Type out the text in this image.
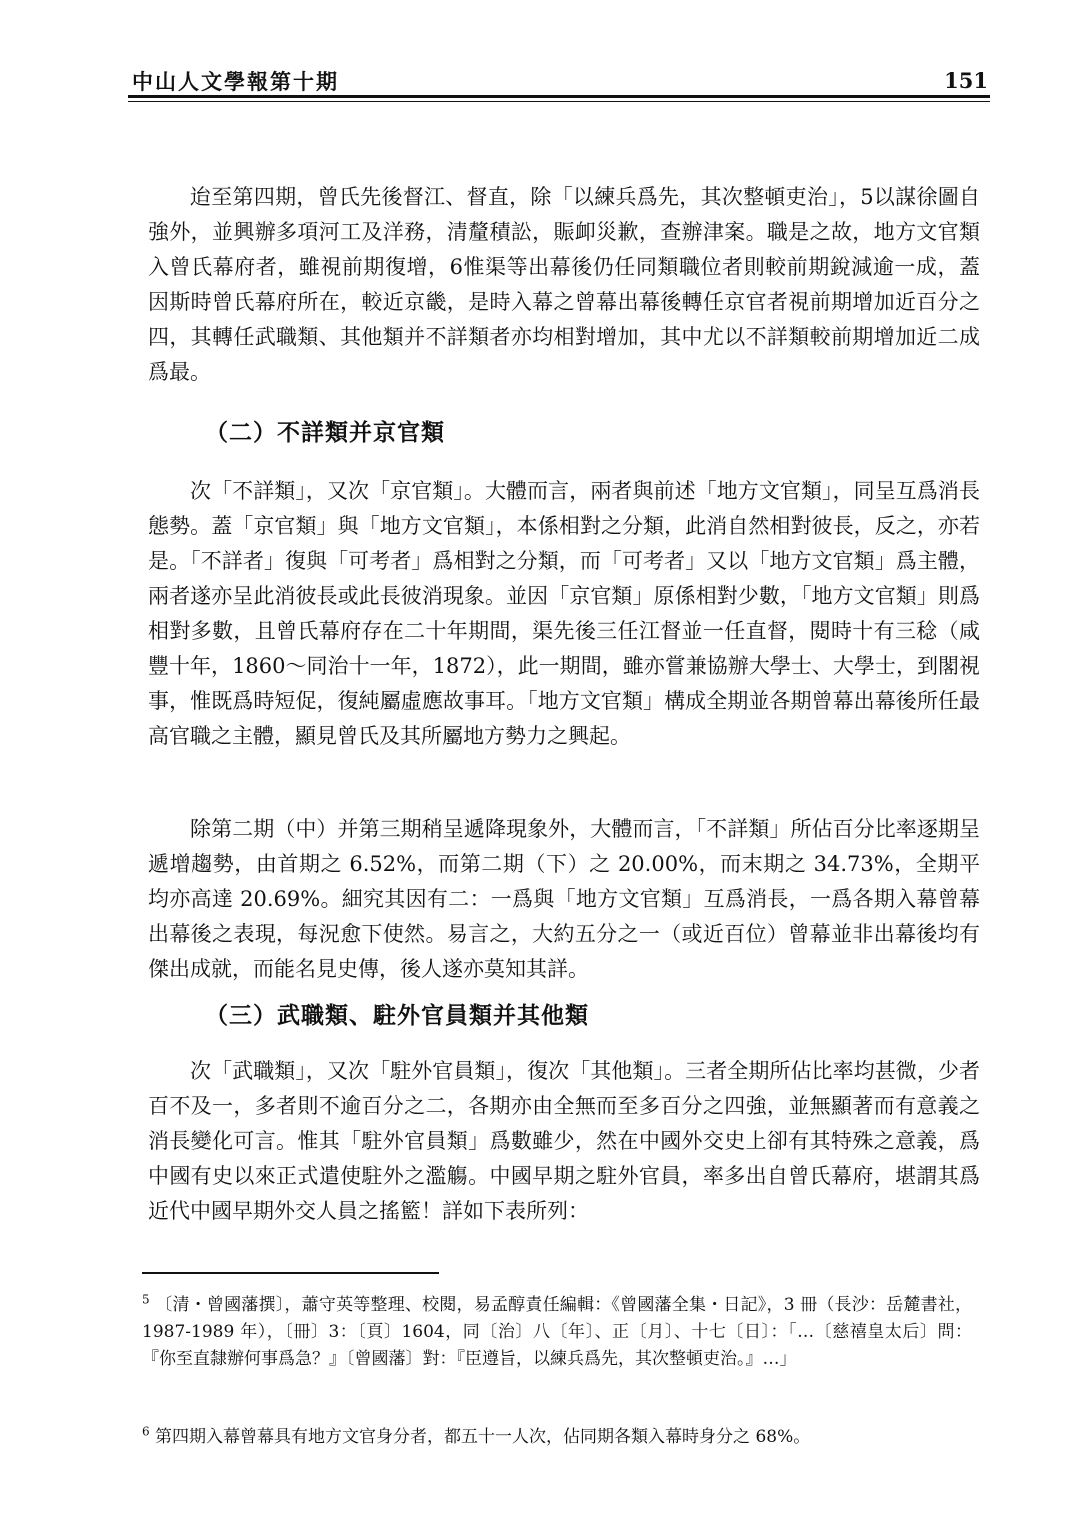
中山人文學報第十期	151

迨至第四期，曾氏先後督江、督直，除「以練兵爲先，其次整頓吏治」，5以謀徐圖自強外，並興辦多項河工及洋務，清釐積訟，賑卹災歉，查辦津案。職是之故，地方文官類入曾氏幕府者，雖視前期復增，6惟渠等出幕後仍任同類職位者則較前期銳減逾一成，蓋因斯時曾氏幕府所在，較近京畿，是時入幕之曾幕出幕後轉任京官者視前期增加近百分之四，其轉任武職類、其他類并不詳類者亦均相對增加，其中尤以不詳類較前期增加近二成爲最。

（二）不詳類并京官類

次「不詳類」，又次「京官類」。大體而言，兩者與前述「地方文官類」，同呈互爲消長態勢。蓋「京官類」與「地方文官類」，本係相對之分類，此消自然相對彼長，反之，亦若是。「不詳者」復與「可考者」爲相對之分類，而「可考者」又以「地方文官類」爲主體，兩者遂亦呈此消彼長或此長彼消現象。並因「京官類」原係相對少數，「地方文官類」則爲相對多數，且曾氏幕府存在二十年期間，渠先後三任江督並一任直督，閱時十有三稔（咸豐十年，1860～同治十一年，1872），此一期間，雖亦嘗兼協辦大學士、大學士，到閣視事，惟既爲時短促，復純屬虛應故事耳。「地方文官類」構成全期並各期曾幕出幕後所任最高官職之主體，顯見曾氏及其所屬地方勢力之興起。

除第二期（中）并第三期稍呈遞降現象外，大體而言，「不詳類」所佔百分比率逐期呈遞增趨勢，由首期之 6.52%，而第二期（下）之 20.00%，而末期之 34.73%，全期平均亦高達 20.69%。細究其因有二：一爲與「地方文官類」互爲消長，一爲各期入幕曾幕出幕後之表現，每況愈下使然。易言之，大約五分之一（或近百位）曾幕並非出幕後均有傑出成就，而能名見史傳，後人遂亦莫知其詳。

（三）武職類、駐外官員類并其他類

次「武職類」，又次「駐外官員類」，復次「其他類」。三者全期所佔比率均甚微，少者百不及一，多者則不逾百分之二，各期亦由全無而至多百分之四強，並無顯著而有意義之消長變化可言。惟其「駐外官員類」爲數雖少，然在中國外交史上卻有其特殊之意義，爲中國有史以來正式遣使駐外之濫觴。中國早期之駐外官員，率多出自曾氏幕府，堪謂其爲近代中國早期外交人員之搖籃！詳如下表所列：

$^5$ 〔清・曾國藩撰〕，蕭守英等整理、校閱，易孟醇責任編輯：《曾國藩全集・日記》，3 冊（長沙：岳麓書社，1987-1989 年），〔冊〕3：〔頁〕1604，同〔治〕八〔年〕、正〔月〕、十七〔日〕：「…〔慈禧皇太后〕問：『你至直隸辦何事爲急？』〔曾國藩〕對：『臣遵旨，以練兵爲先，其次整頓吏治。』…」

$^6$ 第四期入幕曾幕具有地方文官身分者，都五十一人次，佔同期各類入幕時身分之 68%。
